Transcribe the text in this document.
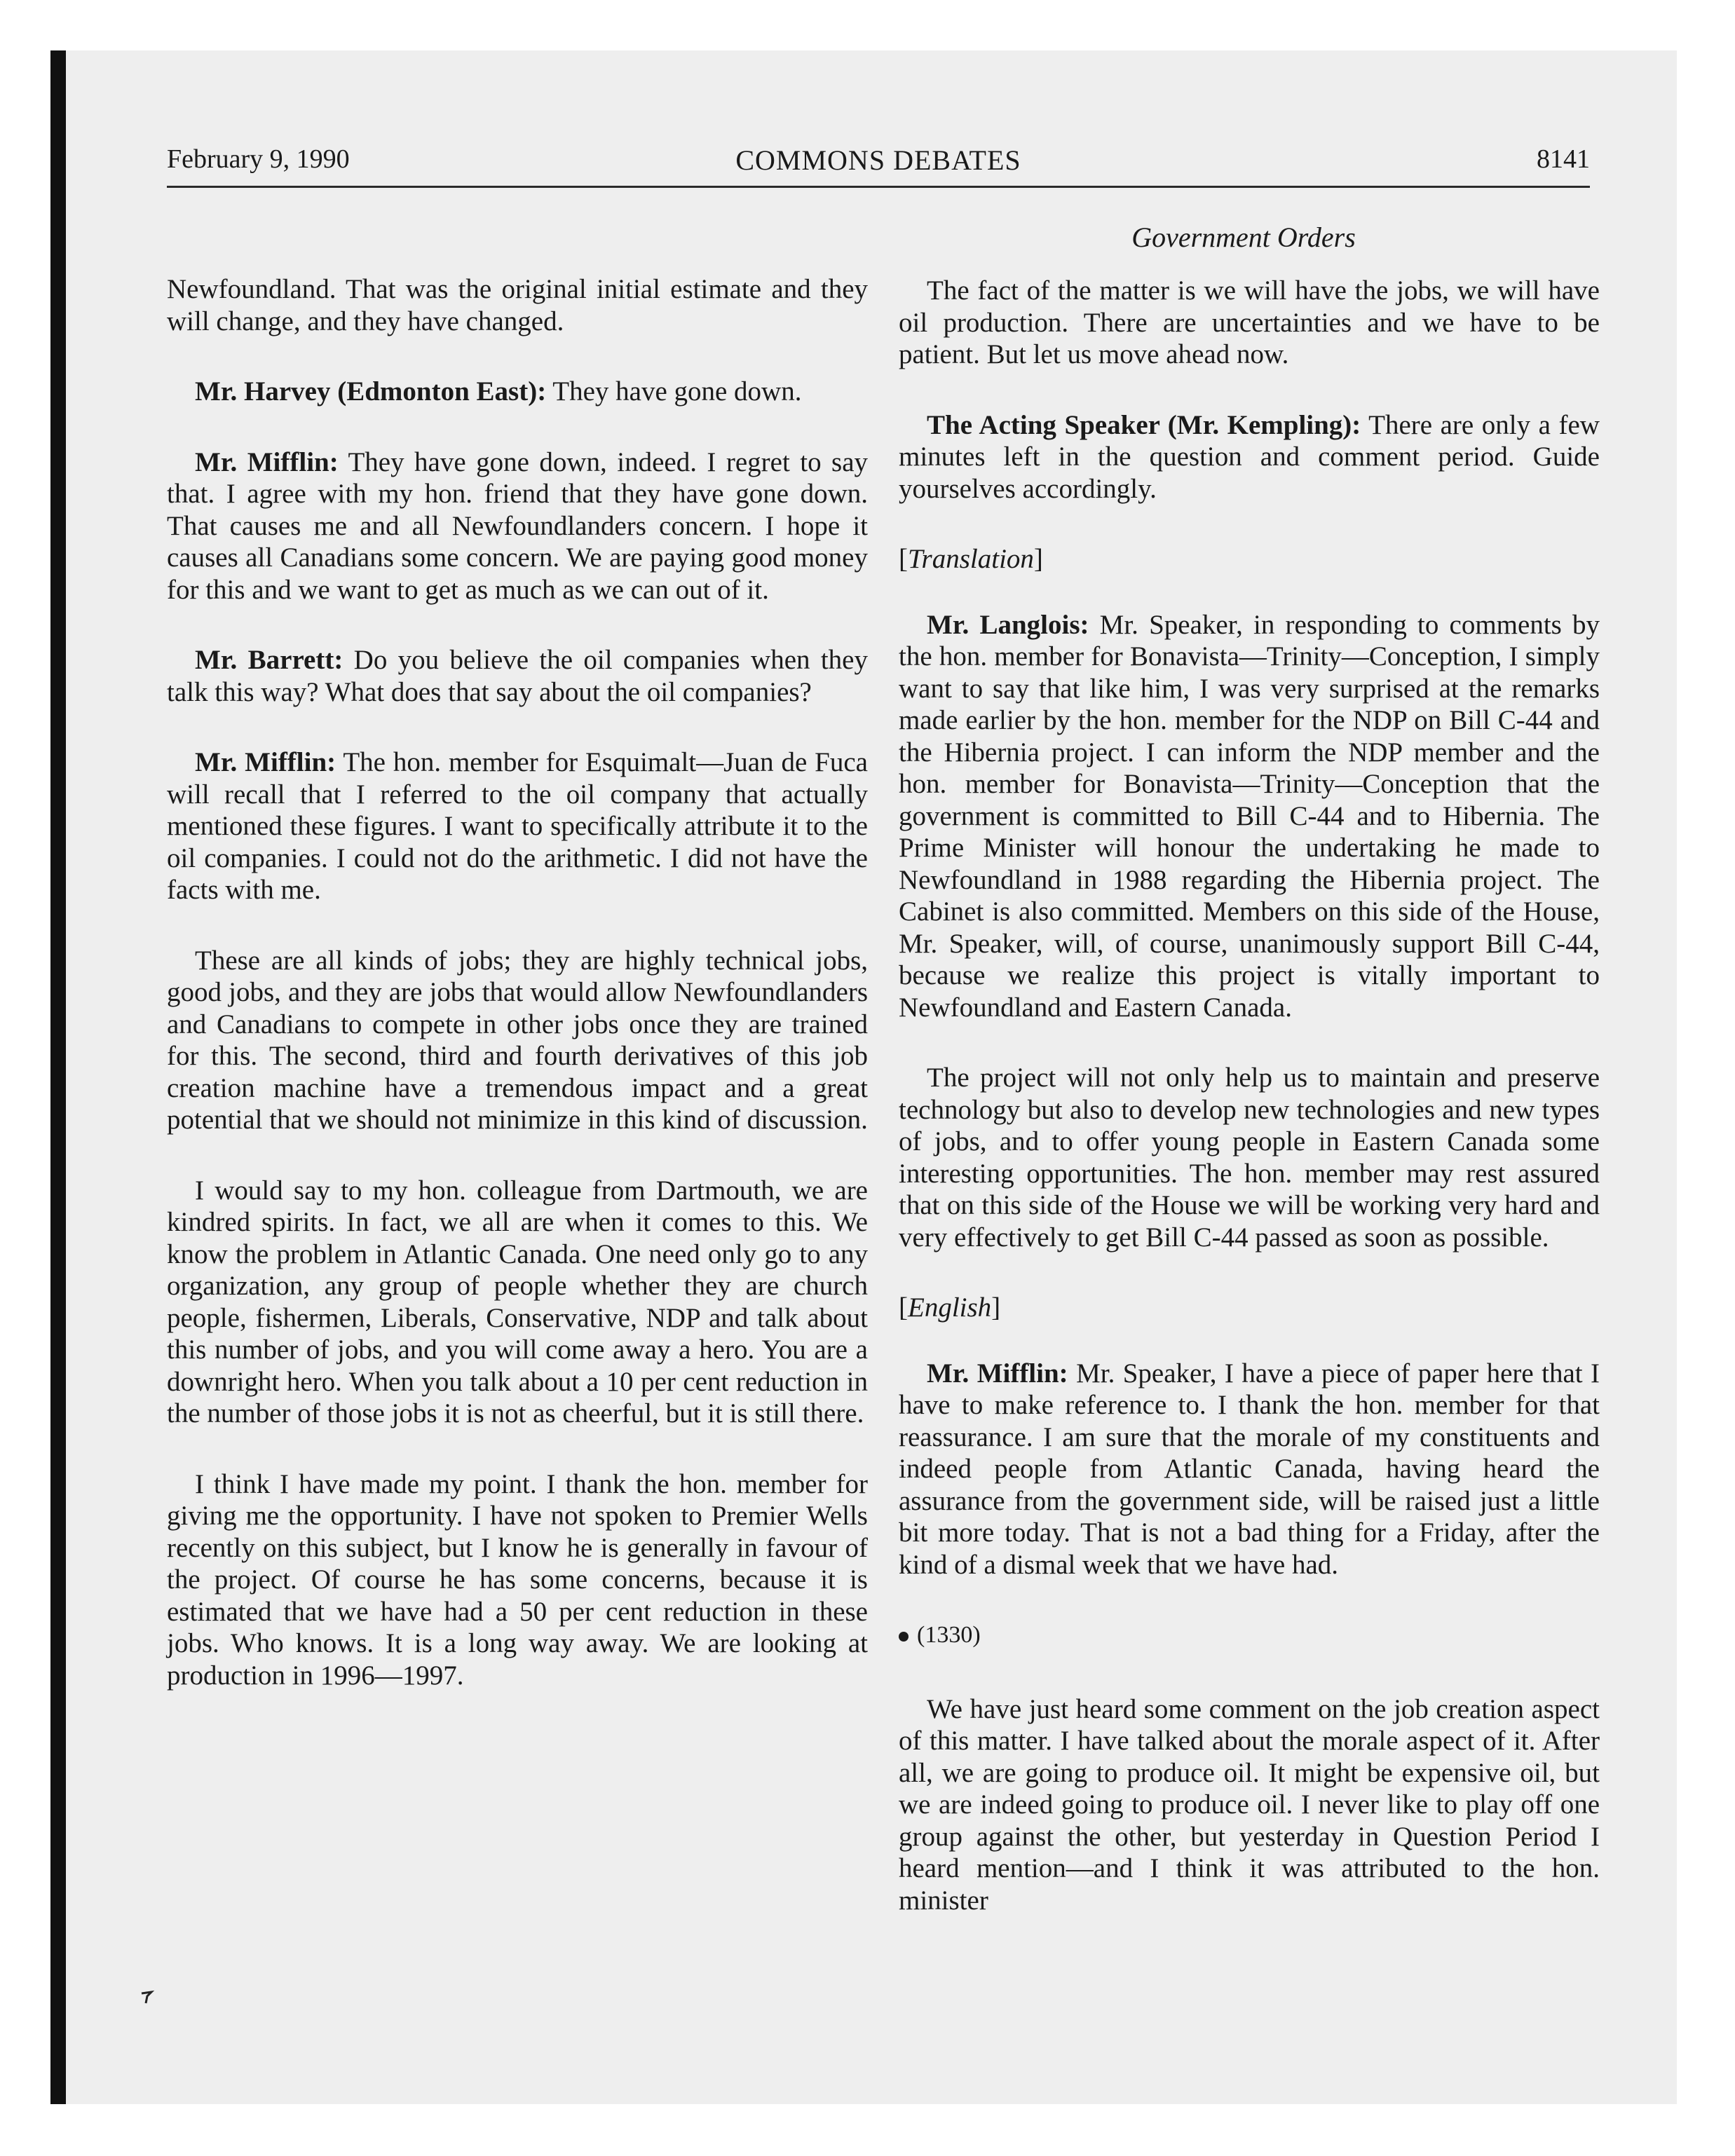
February 9, 1990	COMMONS DEBATES	8141
Government Orders

Newfoundland. That was the original initial estimate and they will change, and they have changed.

Mr. Harvey (Edmonton East): They have gone down.

Mr. Mifflin: They have gone down, indeed. I regret to say that. I agree with my hon. friend that they have gone down. That causes me and all Newfoundlanders concern. I hope it causes all Canadians some concern. We are paying good money for this and we want to get as much as we can out of it.

Mr. Barrett: Do you believe the oil companies when they talk this way? What does that say about the oil companies?

Mr. Mifflin: The hon. member for Esquimalt—Juan de Fuca will recall that I referred to the oil company that actually mentioned these figures. I want to specifically attribute it to the oil companies. I could not do the arithmetic. I did not have the facts with me.

These are all kinds of jobs; they are highly technical jobs, good jobs, and they are jobs that would allow Newfoundlanders and Canadians to compete in other jobs once they are trained for this. The second, third and fourth derivatives of this job creation machine have a tremendous impact and a great potential that we should not minimize in this kind of discussion.

I would say to my hon. colleague from Dartmouth, we are kindred spirits. In fact, we all are when it comes to this. We know the problem in Atlantic Canada. One need only go to any organization, any group of people whether they are church people, fishermen, Liberals, Conservative, NDP and talk about this number of jobs, and you will come away a hero. You are a downright hero. When you talk about a 10 per cent reduction in the number of those jobs it is not as cheerful, but it is still there.

I think I have made my point. I thank the hon. member for giving me the opportunity. I have not spoken to Premier Wells recently on this subject, but I know he is generally in favour of the project. Of course he has some concerns, because it is estimated that we have had a 50 per cent reduction in these jobs. Who knows. It is a long way away. We are looking at production in 1996—1997.

The fact of the matter is we will have the jobs, we will have oil production. There are uncertainties and we have to be patient. But let us move ahead now.

The Acting Speaker (Mr. Kempling): There are only a few minutes left in the question and comment period. Guide yourselves accordingly.

[Translation]

Mr. Langlois: Mr. Speaker, in responding to comments by the hon. member for Bonavista—Trinity—Conception, I simply want to say that like him, I was very surprised at the remarks made earlier by the hon. member for the NDP on Bill C-44 and the Hibernia project. I can inform the NDP member and the hon. member for Bonavista—Trinity—Conception that the government is committed to Bill C-44 and to Hibernia. The Prime Minister will honour the undertaking he made to Newfoundland in 1988 regarding the Hibernia project. The Cabinet is also committed. Members on this side of the House, Mr. Speaker, will, of course, unanimously support Bill C-44, because we realize this project is vitally important to Newfoundland and Eastern Canada.

The project will not only help us to maintain and preserve technology but also to develop new technologies and new types of jobs, and to offer young people in Eastern Canada some interesting opportunities. The hon. member may rest assured that on this side of the House we will be working very hard and very effectively to get Bill C-44 passed as soon as possible.

[English]

Mr. Mifflin: Mr. Speaker, I have a piece of paper here that I have to make reference to. I thank the hon. member for that reassurance. I am sure that the morale of my constituents and indeed people from Atlantic Canada, having heard the assurance from the government side, will be raised just a little bit more today. That is not a bad thing for a Friday, after the kind of a dismal week that we have had.

(1330)

We have just heard some comment on the job creation aspect of this matter. I have talked about the morale aspect of it. After all, we are going to produce oil. It might be expensive oil, but we are indeed going to produce oil. I never like to play off one group against the other, but yesterday in Question Period I heard mention—and I think it was attributed to the hon. minister
